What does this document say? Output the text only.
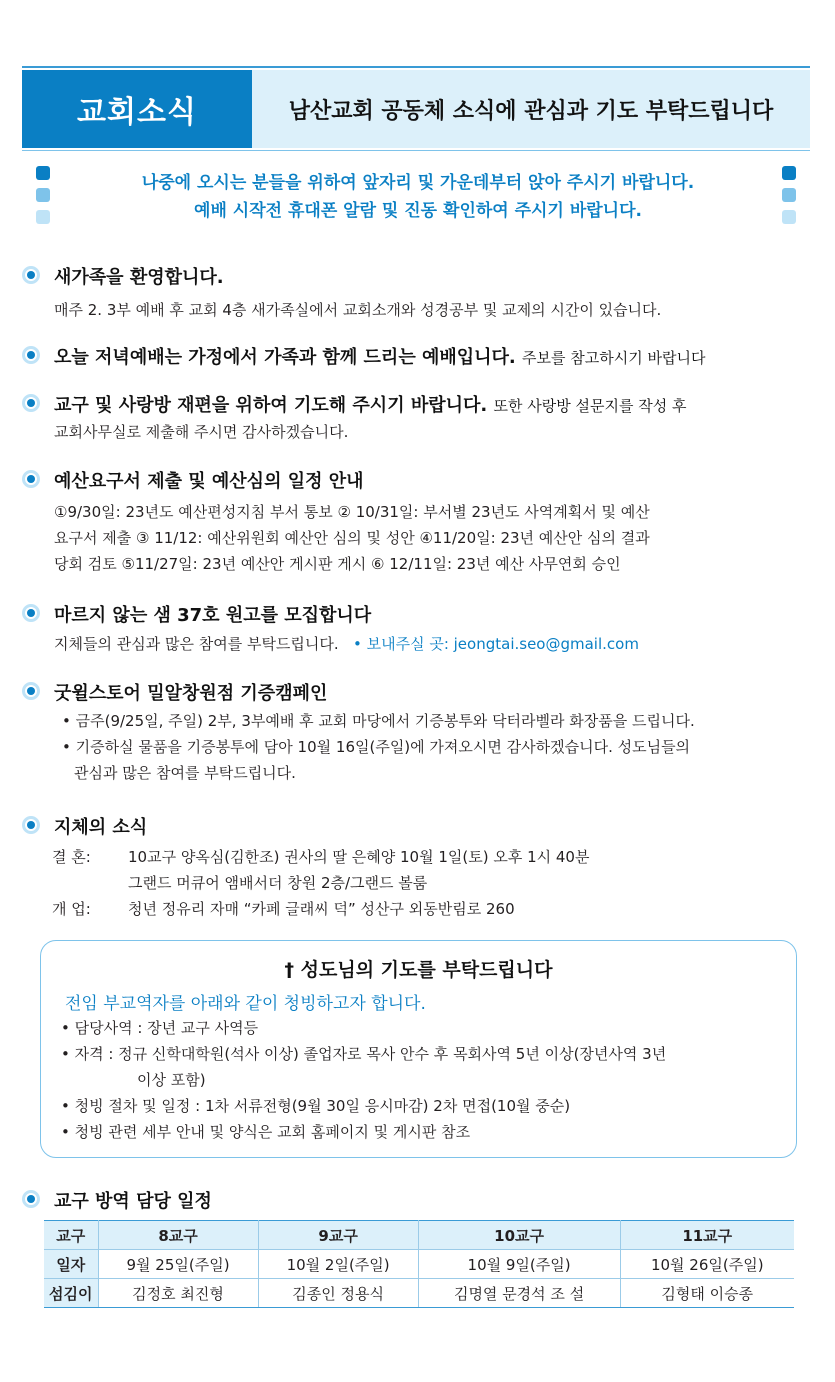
교회소식	남산교회 공동체 소식에 관심과 기도 부탁드립니다
나중에 오시는 분들을 위하여 앞자리 및 가운데부터 앉아 주시기 바랍니다.
예배 시작전 휴대폰 알람 및 진동 확인하여 주시기 바랍니다.
새가족을 환영합니다.
매주 2. 3부 예배 후 교회 4층 새가족실에서 교회소개와 성경공부 및 교제의 시간이 있습니다.
오늘 저녁예배는 가정에서 가족과 함께 드리는 예배입니다. 주보를 참고하시기 바랍니다
교구 및 사랑방 재편을 위하여 기도해 주시기 바랍니다. 또한 사랑방 설문지를 작성 후
교회사무실로 제출해 주시면 감사하겠습니다.
예산요구서 제출 및 예산심의 일정 안내
①9/30일: 23년도 예산편성지침 부서 통보 ② 10/31일: 부서별 23년도 사역계획서 및 예산
요구서 제출 ③ 11/12: 예산위원회 예산안 심의 및 성안 ④11/20일: 23년 예산안 심의 결과
당회 검토 ⑤11/27일: 23년 예산안 게시판 게시 ⑥ 12/11일: 23년 예산 사무연회 승인
마르지 않는 샘 37호 원고를 모집합니다
지체들의 관심과 많은 참여를 부탁드립니다. • 보내주실 곳: jeongtai.seo@gmail.com
굿윌스토어 밀알창원점 기증캠페인
• 금주(9/25일, 주일) 2부, 3부예배 후 교회 마당에서 기증봉투와 닥터라벨라 화장품을 드립니다.
• 기증하실 물품을 기증봉투에 담아 10월 16일(주일)에 가져오시면 감사하겠습니다. 성도님들의
관심과 많은 참여를 부탁드립니다.
지체의 소식
결 혼:	10교구 양옥심(김한조) 권사의 딸 은혜양 10월 1일(토) 오후 1시 40분
그랜드 머큐어 앰배서더 창원 2층/그랜드 볼룸
개 업:	청년 정유리 자매 “카페 글래씨 덕” 성산구 외동반림로 260
† 성도님의 기도를 부탁드립니다
전임 부교역자를 아래와 같이 청빙하고자 합니다.
• 담당사역 : 장년 교구 사역등
• 자격 : 정규 신학대학원(석사 이상) 졸업자로 목사 안수 후 목회사역 5년 이상(장년사역 3년
이상 포함)
• 청빙 절차 및 일정 : 1차 서류전형(9월 30일 응시마감) 2차 면접(10월 중순)
• 청빙 관련 세부 안내 및 양식은 교회 홈페이지 및 게시판 참조
교구 방역 담당 일정
교구	8교구	9교구	10교구	11교구
일자	9월 25일(주일)	10월 2일(주일)	10월 9일(주일)	10월 26일(주일)
섬김이	김정호 최진형	김종인 정용식	김명열 문경석 조 설	김형태 이승종
